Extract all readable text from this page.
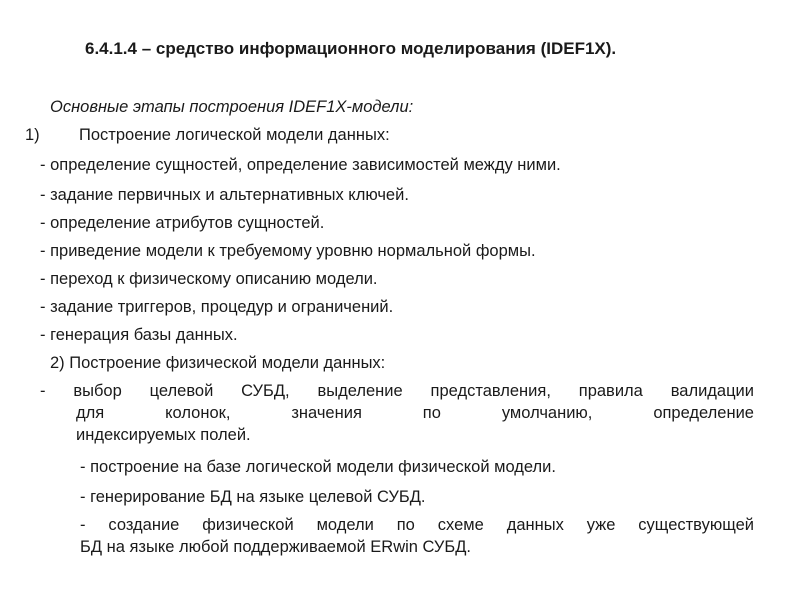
6.4.1.4 – средство информационного моделирования (IDEF1X).
Основные этапы построения IDEF1X-модели:
1) Построение логической модели данных:
- определение сущностей, определение зависимостей между ними.
- задание первичных и альтернативных ключей.
- определение атрибутов сущностей.
- приведение модели к требуемому уровню нормальной формы.
- переход к физическому описанию модели.
- задание триггеров, процедур и ограничений.
- генерация базы данных.
2) Построение физической модели данных:
- выбор целевой СУБД, выделение представления, правила валидации
для колонок, значения по умолчанию, определение
индексируемых полей.
- построение на базе логической модели физической модели.
- генерирование БД на языке целевой СУБД.
- создание физической модели по схеме данных уже существующей
БД на языке любой поддерживаемой ERwin СУБД.
